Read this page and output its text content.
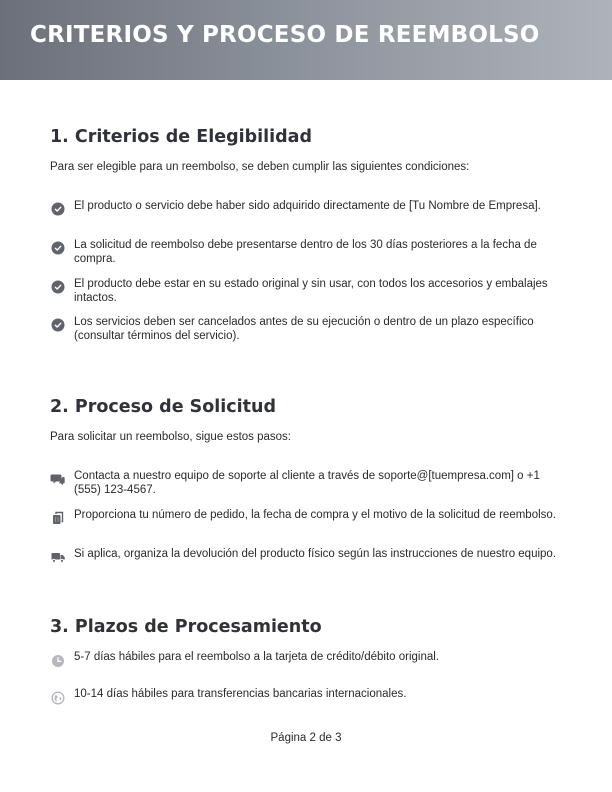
CRITERIOS Y PROCESO DE REEMBOLSO
1. Criterios de Elegibilidad
Para ser elegible para un reembolso, se deben cumplir las siguientes condiciones:
El producto o servicio debe haber sido adquirido directamente de [Tu Nombre de Empresa].
La solicitud de reembolso debe presentarse dentro de los 30 días posteriores a la fecha de compra.
El producto debe estar en su estado original y sin usar, con todos los accesorios y embalajes intactos.
Los servicios deben ser cancelados antes de su ejecución o dentro de un plazo específico (consultar términos del servicio).
2. Proceso de Solicitud
Para solicitar un reembolso, sigue estos pasos:
Contacta a nuestro equipo de soporte al cliente a través de soporte@[tuempresa.com] o +1 (555) 123-4567.
Proporciona tu número de pedido, la fecha de compra y el motivo de la solicitud de reembolso.
Si aplica, organiza la devolución del producto físico según las instrucciones de nuestro equipo.
3. Plazos de Procesamiento
5-7 días hábiles para el reembolso a la tarjeta de crédito/débito original.
10-14 días hábiles para transferencias bancarias internacionales.
Página 2 de 3
